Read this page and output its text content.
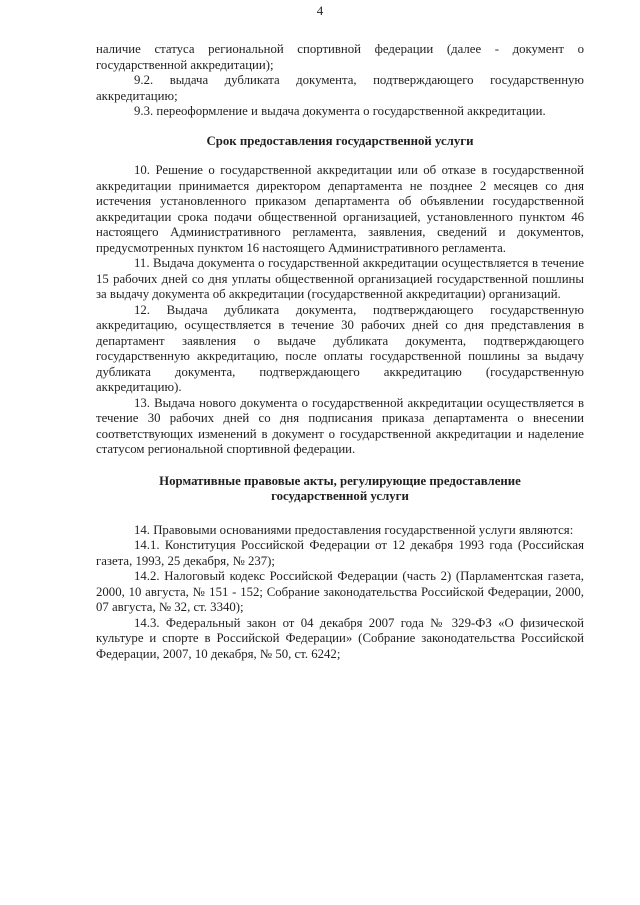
4

наличие статуса региональной спортивной федерации (далее - документ о государственной аккредитации);

9.2. выдача дубликата документа, подтверждающего государственную аккредитацию;

9.3. переоформление и выдача документа о государственной аккредитации.

Срок предоставления государственной услуги

10. Решение о государственной аккредитации или об отказе в государственной аккредитации принимается директором департамента не позднее 2 месяцев со дня истечения установленного приказом департамента об объявлении государственной аккредитации срока подачи общественной организацией, установленного пунктом 46 настоящего Административного регламента, заявления, сведений и документов, предусмотренных пунктом 16 настоящего Административного регламента.

11. Выдача документа о государственной аккредитации осуществляется в течение 15 рабочих дней со дня уплаты общественной организацией государственной пошлины за выдачу документа об аккредитации (государственной аккредитации) организаций.

12. Выдача дубликата документа, подтверждающего государственную аккредитацию, осуществляется в течение 30 рабочих дней со дня представления в департамент заявления о выдаче дубликата документа, подтверждающего государственную аккредитацию, после оплаты государственной пошлины за выдачу дубликата документа, подтверждающего аккредитацию (государственную аккредитацию).

13. Выдача нового документа о государственной аккредитации осуществляется в течение 30 рабочих дней со дня подписания приказа департамента о внесении соответствующих изменений в документ о государственной аккредитации и наделение статусом региональной спортивной федерации.

Нормативные правовые акты, регулирующие предоставление

государственной услуги

14. Правовыми основаниями предоставления государственной услуги являются:

14.1. Конституция Российской Федерации от 12 декабря 1993 года (Российская газета, 1993, 25 декабря, № 237);

14.2. Налоговый кодекс Российской Федерации (часть 2) (Парламентская газета, 2000, 10 августа, № 151 - 152; Собрание законодательства Российской Федерации, 2000, 07 августа, № 32, ст. 3340);

14.3. Федеральный закон от 04 декабря 2007 года № 329-ФЗ «О физической культуре и спорте в Российской Федерации» (Собрание законодательства Российской Федерации, 2007, 10 декабря, № 50, ст. 6242;
